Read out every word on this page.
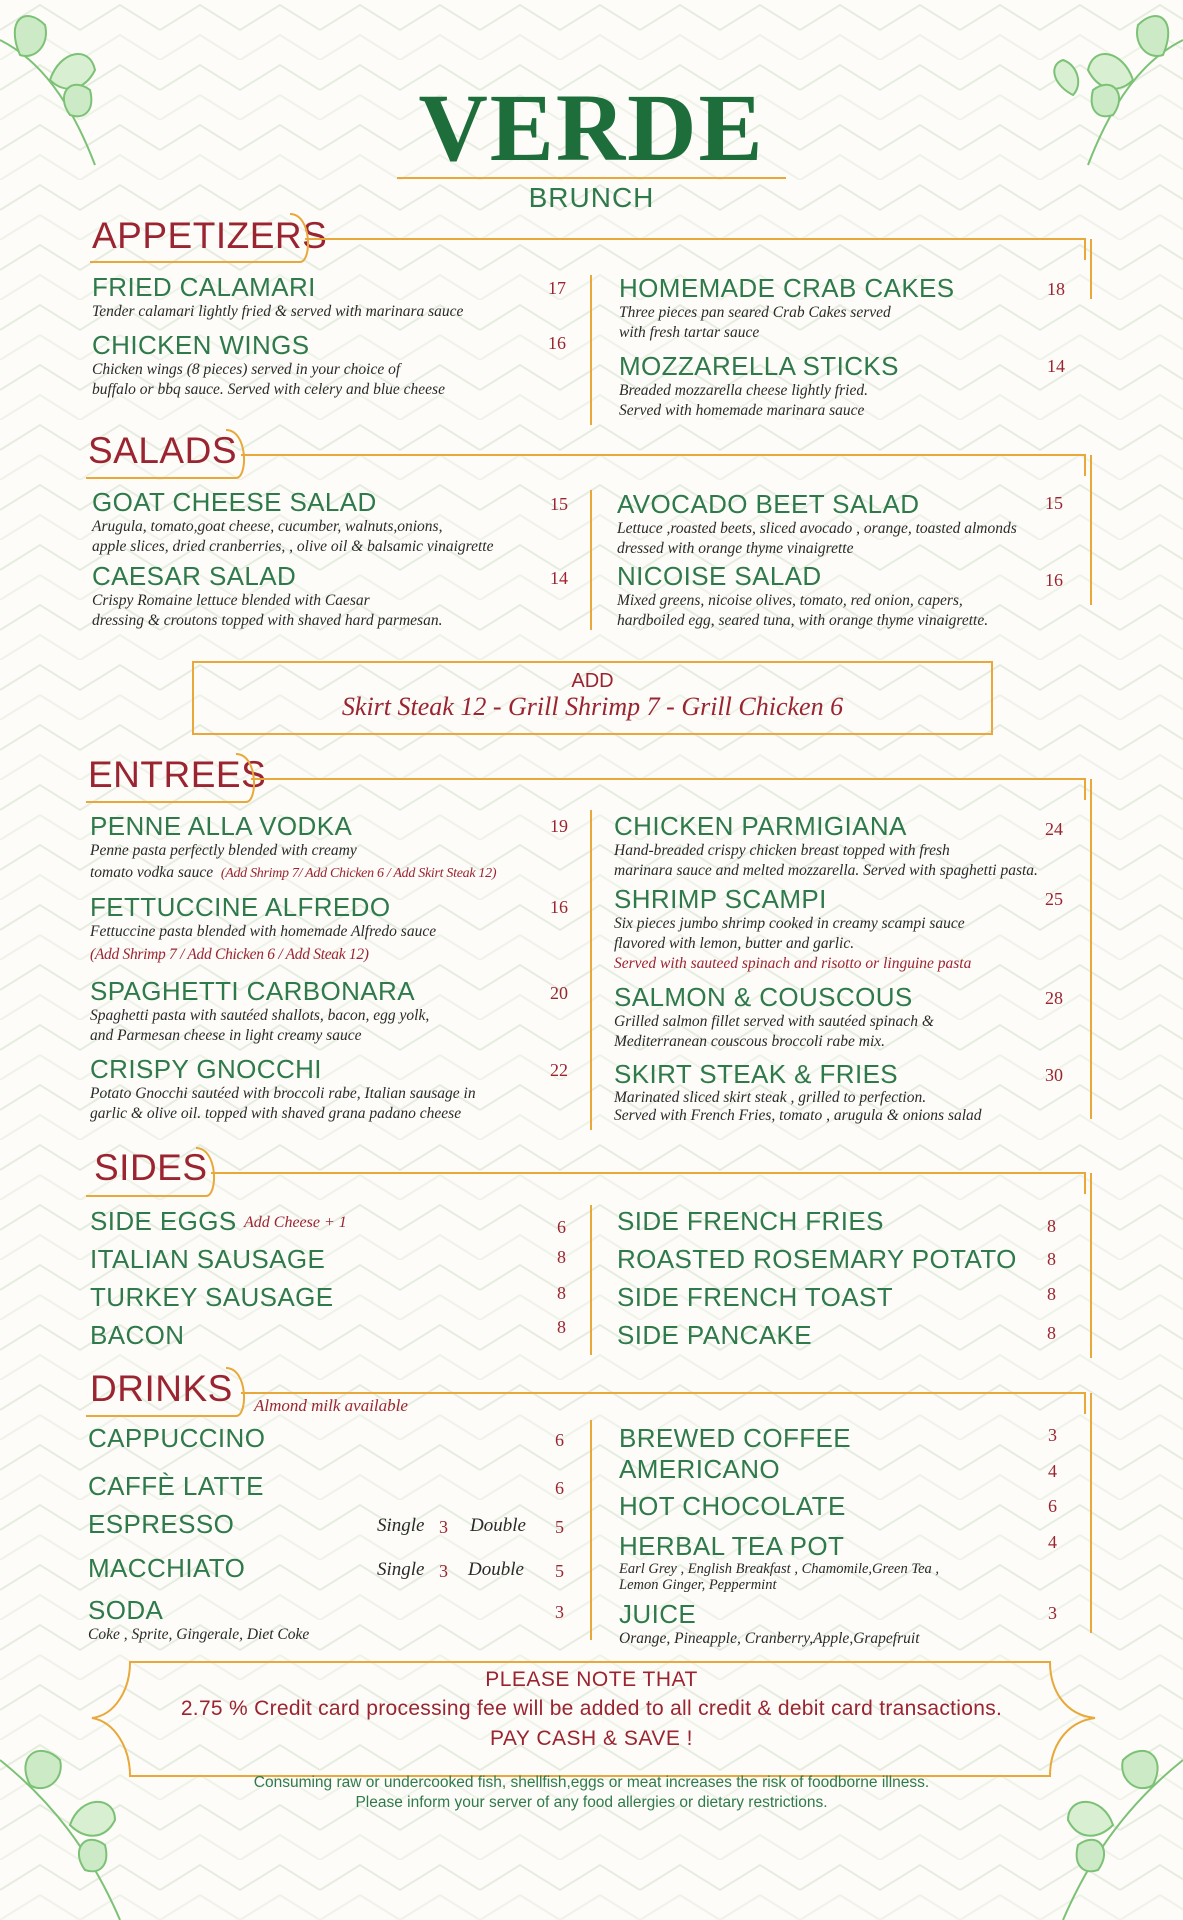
VERDE
BRUNCH
APPETIZERS
FRIED CALAMARI
Tender calamari lightly fried & served with marinara sauce
17
CHICKEN WINGS
Chicken wings (8 pieces) served in your choice of
buffalo or bbq sauce. Served with celery and blue cheese
16
HOMEMADE CRAB CAKES
Three pieces pan seared Crab Cakes served
with fresh tartar sauce
18
MOZZARELLA STICKS
Breaded mozzarella cheese lightly fried.
Served with homemade marinara sauce
14
SALADS
GOAT CHEESE SALAD
Arugula, tomato,goat cheese, cucumber, walnuts,onions,
apple slices, dried cranberries, , olive oil & balsamic vinaigrette
15
CAESAR SALAD
Crispy Romaine lettuce blended with Caesar
dressing & croutons topped with shaved hard parmesan.
14
AVOCADO BEET SALAD
Lettuce ,roasted beets, sliced avocado , orange, toasted almonds
dressed with orange thyme vinaigrette
15
NICOISE SALAD
Mixed greens, nicoise olives, tomato, red onion, capers,
hardboiled egg, seared tuna, with orange thyme vinaigrette.
16
ADD
Skirt Steak 12 - Grill Shrimp 7 - Grill Chicken 6
ENTREES
PENNE ALLA VODKA
Penne pasta perfectly blended with creamy
tomato vodka sauce (Add Shrimp 7/ Add Chicken 6 / Add Skirt Steak 12)
19
FETTUCCINE ALFREDO
Fettuccine pasta blended with homemade Alfredo sauce
(Add Shrimp 7 / Add Chicken 6 / Add Steak 12)
16
SPAGHETTI CARBONARA
Spaghetti pasta with sautéed shallots, bacon, egg yolk,
and Parmesan cheese in light creamy sauce
20
CRISPY GNOCCHI
Potato Gnocchi sautéed with broccoli rabe, Italian sausage in
garlic & olive oil. topped with shaved grana padano cheese
22
CHICKEN PARMIGIANA
Hand-breaded crispy chicken breast topped with fresh
marinara sauce and melted mozzarella. Served with spaghetti pasta.
24
SHRIMP SCAMPI
Six pieces jumbo shrimp cooked in creamy scampi sauce
flavored with lemon, butter and garlic.
Served with sauteed spinach and risotto or linguine pasta
25
SALMON & COUSCOUS
Grilled salmon fillet served with sautéed spinach &
Mediterranean couscous broccoli rabe mix.
28
SKIRT STEAK & FRIES
Marinated sliced skirt steak , grilled to perfection.
Served with French Fries, tomato , arugula & onions salad
30
SIDES
SIDE EGGS Add Cheese + 1	6
ITALIAN SAUSAGE	8
TURKEY SAUSAGE	8
BACON	8
SIDE FRENCH FRIES	8
ROASTED ROSEMARY POTATO 8
SIDE FRENCH TOAST	8
SIDE PANCAKE	8
DRINKS Almond milk available
CAPPUCCINO	6
CAFFÈ LATTE	6
ESPRESSO	Single 3 Double 5
MACCHIATO	Single 3 Double 5
SODA
Coke , Sprite, Gingerale, Diet Coke
3
BREWED COFFEE	3
AMERICANO	4
HOT CHOCOLATE	6
HERBAL TEA POT
Earl Grey , English Breakfast , Chamomile,Green Tea ,
Lemon Ginger, Peppermint
4
JUICE
Orange, Pineapple, Cranberry,Apple,Grapefruit
3
PLEASE NOTE THAT
2.75 % Credit card processing fee will be added to all credit & debit card transactions.
PAY CASH & SAVE !
Consuming raw or undercooked fish, shellfish,eggs or meat increases the risk of foodborne illness.
Please inform your server of any food allergies or dietary restrictions.
